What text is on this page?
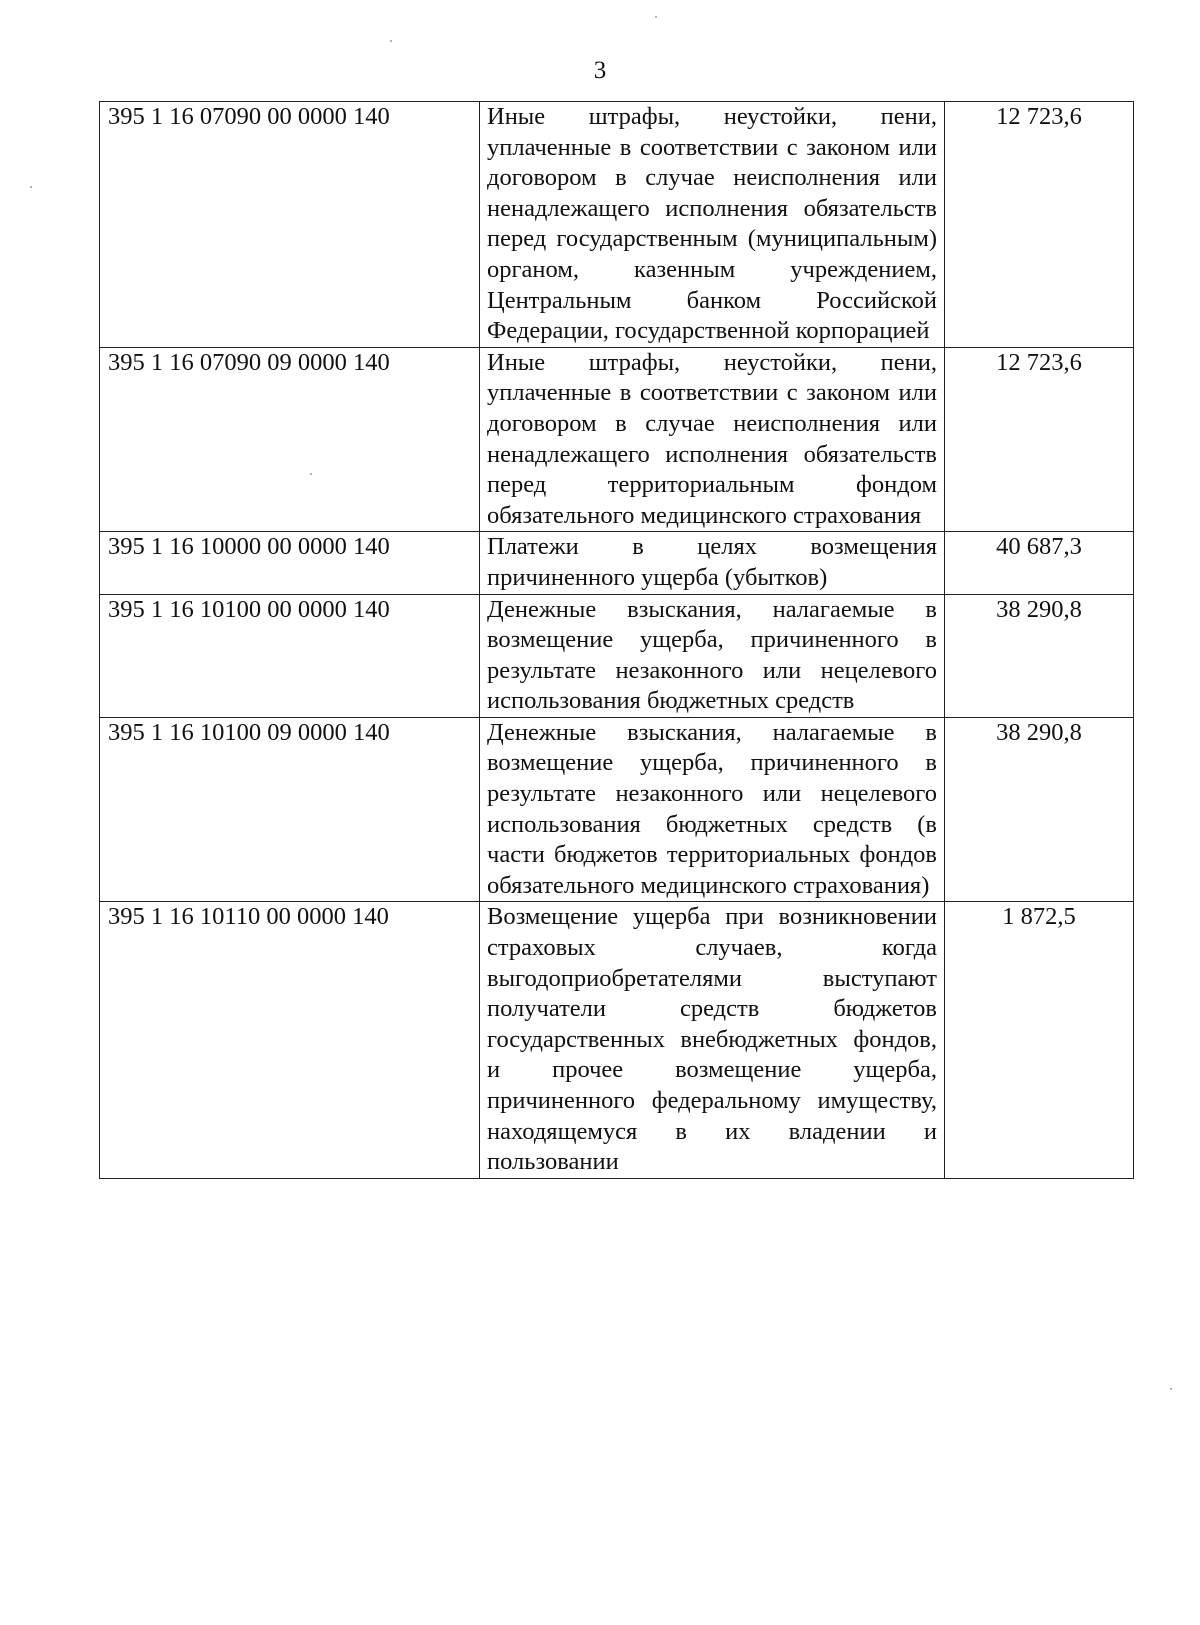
3
395 1 16 07090 00 0000 140	Иные штрафы, неустойки, пени, уплаченные в соответствии с законом или договором в случае неисполнения или ненадлежащего исполнения обязательств перед государственным (муниципальным) органом, казенным учреждением, Центральным банком Российской Федерации, государственной корпорацией	12 723,6
395 1 16 07090 09 0000 140	Иные штрафы, неустойки, пени, уплаченные в соответствии с законом или договором в случае неисполнения или ненадлежащего исполнения обязательств перед территориальным фондом обязательного медицинского страхования	12 723,6
395 1 16 10000 00 0000 140	Платежи в целях возмещения причиненного ущерба (убытков)	40 687,3
395 1 16 10100 00 0000 140	Денежные взыскания, налагаемые в возмещение ущерба, причиненного в результате незаконного или нецелевого использования бюджетных средств	38 290,8
395 1 16 10100 09 0000 140	Денежные взыскания, налагаемые в возмещение ущерба, причиненного в результате незаконного или нецелевого использования бюджетных средств (в части бюджетов территориальных фондов обязательного медицинского страхования)	38 290,8
395 1 16 10110 00 0000 140	Возмещение ущерба при возникновении страховых случаев, когда выгодоприобретателями выступают получатели средств бюджетов государственных внебюджетных фондов, и прочее возмещение ущерба, причиненного федеральному имуществу, находящемуся в их владении и пользовании	1 872,5
